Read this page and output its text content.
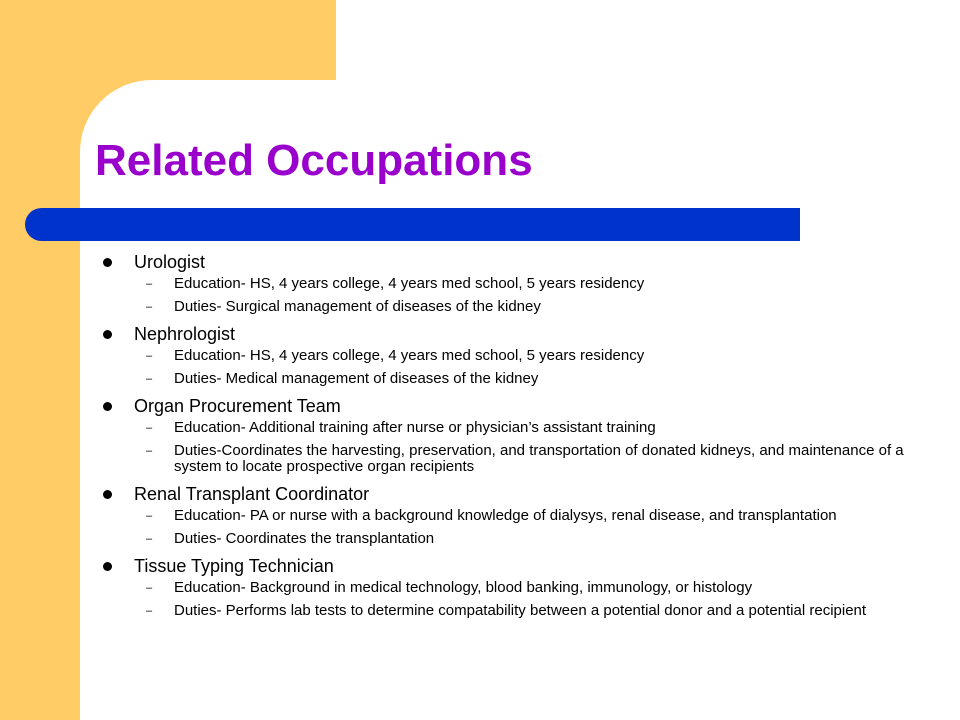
Related Occupations
Urologist
– Education- HS, 4 years college, 4 years med school, 5 years residency
– Duties- Surgical management of diseases of the kidney
Nephrologist
– Education- HS, 4 years college, 4 years med school, 5 years residency
– Duties- Medical management of diseases of the kidney
Organ Procurement Team
– Education- Additional training after nurse or physician’s assistant training
– Duties-Coordinates the harvesting, preservation, and transportation of donated kidneys, and maintenance of a system to locate prospective organ recipients
Renal Transplant Coordinator
– Education- PA or nurse with a background knowledge of dialysys, renal disease, and transplantation
– Duties- Coordinates the transplantation
Tissue Typing Technician
– Education- Background in medical technology, blood banking, immunology, or histology
– Duties- Performs lab tests to determine compatability between a potential donor and a potential recipient
